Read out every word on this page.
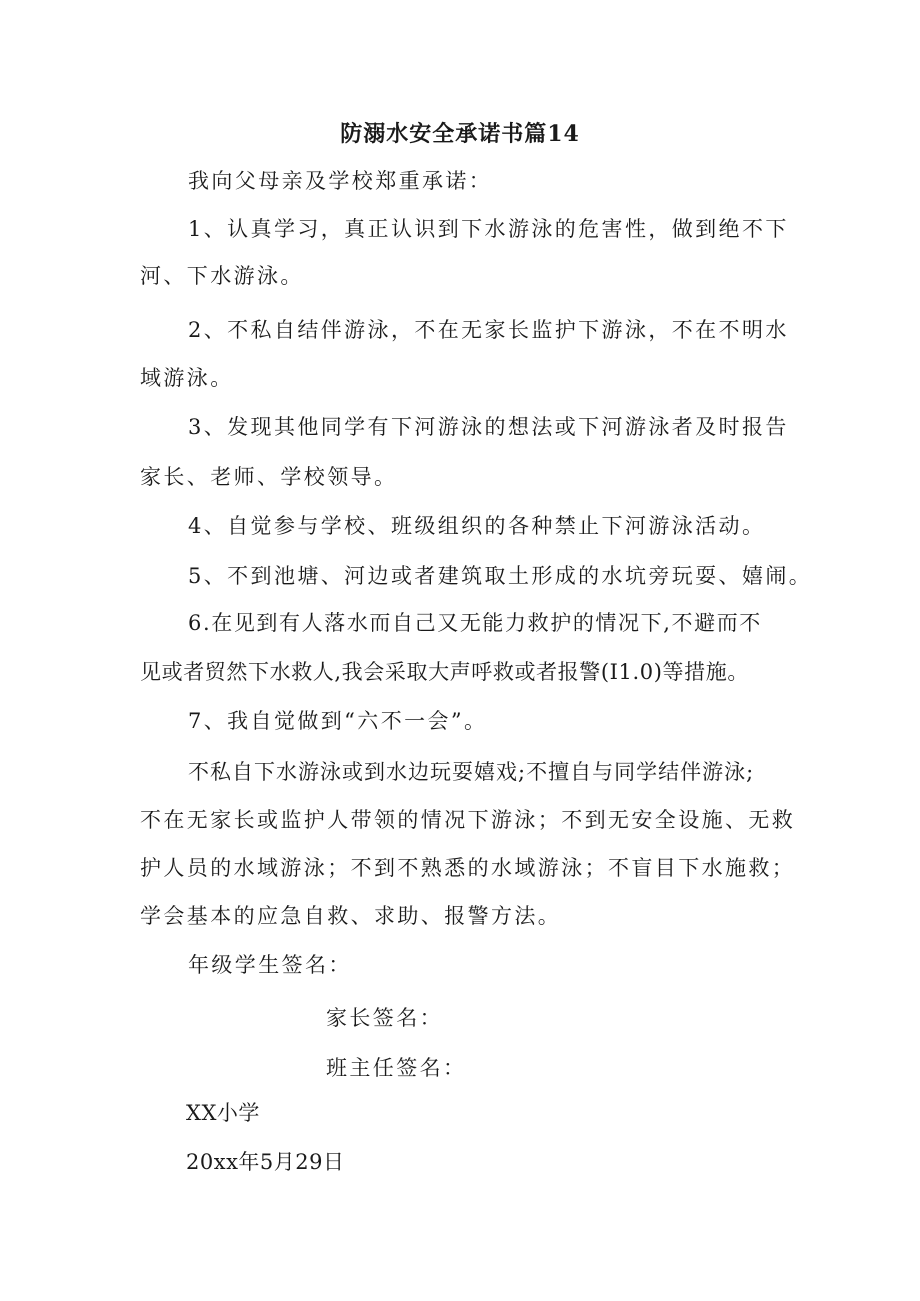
防溺水安全承诺书篇14
我向父母亲及学校郑重承诺：
1、认真学习，真正认识到下水游泳的危害性，做到绝不下
河、下水游泳。
2、不私自结伴游泳，不在无家长监护下游泳，不在不明水
域游泳。
3、发现其他同学有下河游泳的想法或下河游泳者及时报告
家长、老师、学校领导。
4、自觉参与学校、班级组织的各种禁止下河游泳活动。
5、不到池塘、河边或者建筑取土形成的水坑旁玩耍、嬉闹。
6.在见到有人落水而自己又无能力救护的情况下,不避而不
见或者贸然下水救人,我会采取大声呼救或者报警(I1.0)等措施。
7、我自觉做到“六不一会”。
不私自下水游泳或到水边玩耍嬉戏;不擅自与同学结伴游泳;
不在无家长或监护人带领的情况下游泳；不到无安全设施、无救
护人员的水域游泳；不到不熟悉的水域游泳；不盲目下水施救；
学会基本的应急自救、求助、报警方法。
年级学生签名：
家长签名：
班主任签名：
XX小学
20xx年5月29日
